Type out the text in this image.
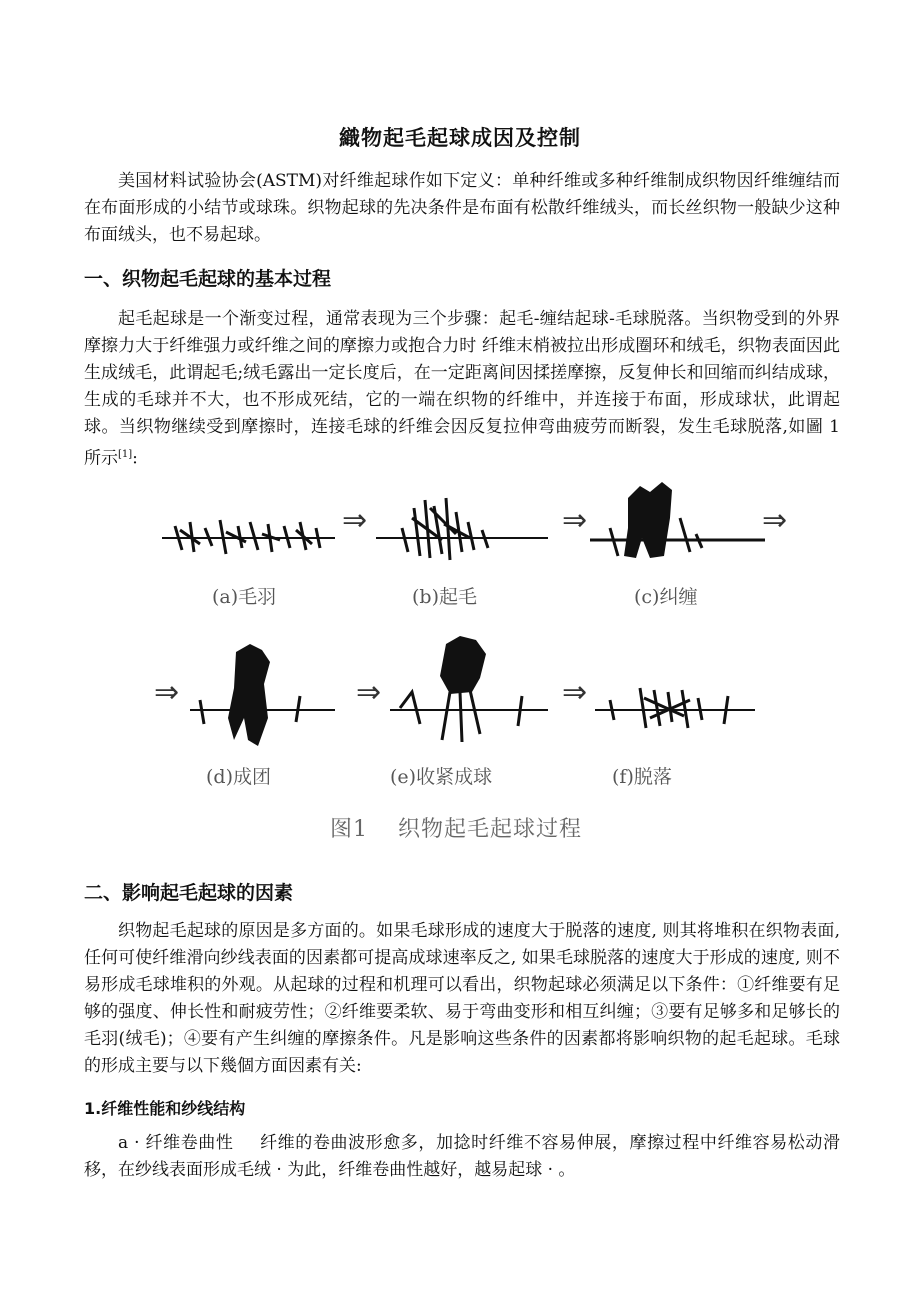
織物起毛起球成因及控制

美国材料试验协会(ASTM)对纤维起球作如下定义：单种纤维或多种纤维制成织物因纤维缠结而在布面形成的小结节或球珠。织物起球的先决条件是布面有松散纤维绒头，而长丝织物一般缺少这种布面绒头，也不易起球。

一、织物起毛起球的基本过程

起毛起球是一个渐变过程，通常表现为三个步骤：起毛-缠结起球-毛球脱落。当织物受到的外界摩擦力大于纤维强力或纤维之间的摩擦力或抱合力时 纤维末梢被拉出形成圈环和绒毛，织物表面因此生成绒毛，此谓起毛;绒毛露出一定长度后，在一定距离间因揉搓摩擦，反复伸长和回缩而纠结成球，生成的毛球并不大，也不形成死结，它的一端在织物的纤维中，并连接于布面，形成球状，此谓起球。当织物继续受到摩擦时，连接毛球的纤维会因反复拉伸弯曲疲劳而断裂，发生毛球脱落,如圖 1 所示[1]:

⇒	⇒	⇒
⇒	⇒	⇒
(a)毛羽	(b)起毛	(c)纠缠
(d)成团	(e)收紧成球	(f)脱落
图1 织物起毛起球过程
二、影响起毛起球的因素

织物起毛起球的原因是多方面的。如果毛球形成的速度大于脱落的速度, 则其将堆积在织物表面, 任何可使纤维滑向纱线表面的因素都可提高成球速率反之, 如果毛球脱落的速度大于形成的速度, 则不易形成毛球堆积的外观。从起球的过程和机理可以看出，织物起球必须满足以下条件：①纤维要有足够的强度、伸长性和耐疲劳性；②纤维要柔软、易于弯曲变形和相互纠缠；③要有足够多和足够长的毛羽(绒毛)；④要有产生纠缠的摩擦条件。凡是影响这些条件的因素都将影响织物的起毛起球。毛球的形成主要与以下幾個方面因素有关:

1.纤维性能和纱线结构

a · 纤维卷曲性 纤维的卷曲波形愈多，加捻时纤维不容易伸展，摩擦过程中纤维容易松动滑移，在纱线表面形成毛绒 · 为此，纤维卷曲性越好，越易起球 · 。
